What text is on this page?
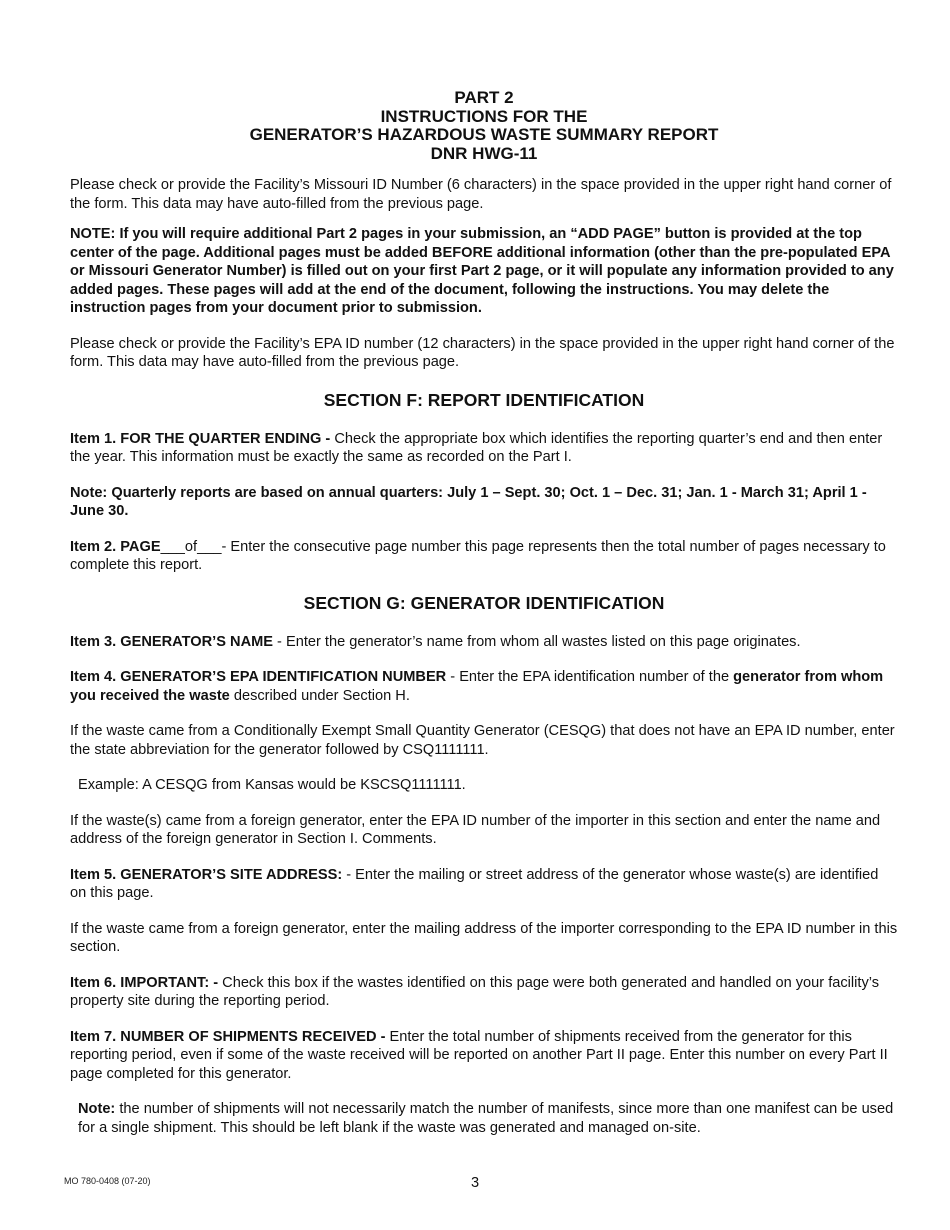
PART 2
INSTRUCTIONS FOR THE
GENERATOR’S HAZARDOUS WASTE SUMMARY REPORT
DNR HWG-11

Please check or provide the Facility’s Missouri ID Number (6 characters) in the space provided in the upper right hand corner of the form. This data may have auto-filled from the previous page.

NOTE: If you will require additional Part 2 pages in your submission, an “ADD PAGE” button is provided at the top center of the page. Additional pages must be added BEFORE additional information (other than the pre-populated EPA or Missouri Generator Number) is filled out on your first Part 2 page, or it will populate any information provided to any added pages. These pages will add at the end of the document, following the instructions. You may delete the instruction pages from your document prior to submission.

Please check or provide the Facility’s EPA ID number (12 characters) in the space provided in the upper right hand corner of the form. This data may have auto-filled from the previous page.

SECTION F: REPORT IDENTIFICATION

Item 1. FOR THE QUARTER ENDING - Check the appropriate box which identifies the reporting quarter’s end and then enter the year. This information must be exactly the same as recorded on the Part I.

Note: Quarterly reports are based on annual quarters: July 1 – Sept. 30; Oct. 1 – Dec. 31; Jan. 1 - March 31; April 1 - June 30.

Item 2. PAGE___of___- Enter the consecutive page number this page represents then the total number of pages necessary to complete this report.

SECTION G: GENERATOR IDENTIFICATION

Item 3. GENERATOR’S NAME - Enter the generator’s name from whom all wastes listed on this page originates.

Item 4. GENERATOR’S EPA IDENTIFICATION NUMBER - Enter the EPA identification number of the generator from whom you received the waste described under Section H.

If the waste came from a Conditionally Exempt Small Quantity Generator (CESQG) that does not have an EPA ID number, enter the state abbreviation for the generator followed by CSQ1111111.

Example: A CESQG from Kansas would be KSCSQ1111111.

If the waste(s) came from a foreign generator, enter the EPA ID number of the importer in this section and enter the name and address of the foreign generator in Section I. Comments.

Item 5. GENERATOR’S SITE ADDRESS: - Enter the mailing or street address of the generator whose waste(s) are identified on this page.

If the waste came from a foreign generator, enter the mailing address of the importer corresponding to the EPA ID number in this section.

Item 6. IMPORTANT: - Check this box if the wastes identified on this page were both generated and handled on your facility’s property site during the reporting period.

Item 7. NUMBER OF SHIPMENTS RECEIVED - Enter the total number of shipments received from the generator for this reporting period, even if some of the waste received will be reported on another Part II page. Enter this number on every Part II page completed for this generator.

Note: the number of shipments will not necessarily match the number of manifests, since more than one manifest can be used for a single shipment. This should be left blank if the waste was generated and managed on-site.

MO 780-0408 (07-20)	3
